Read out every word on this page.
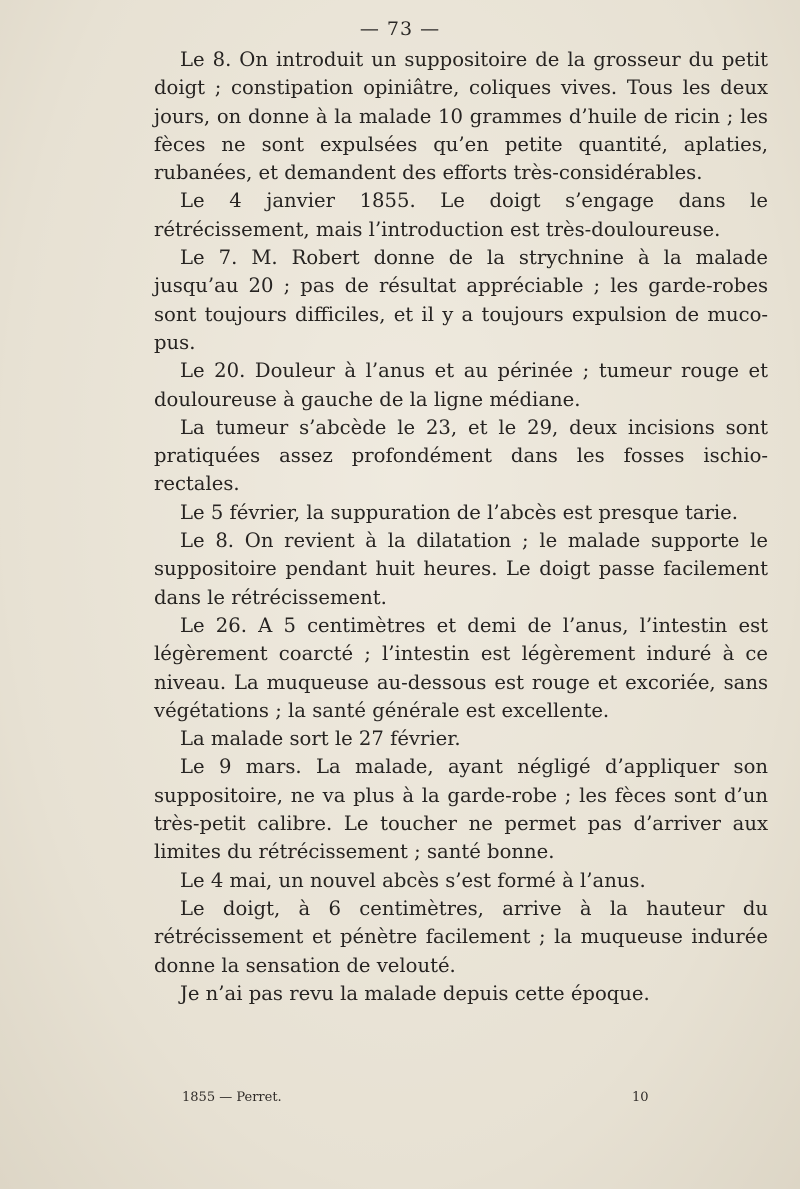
— 73 —

Le 8. On introduit un suppositoire de la grosseur du petit doigt ; constipation opiniâtre, coliques vives. Tous les deux jours, on donne à la malade 10 grammes d’huile de ricin ; les fèces ne sont expulsées qu’en petite quantité, aplaties, rubanées, et demandent des efforts très-considérables.

Le 4 janvier 1855. Le doigt s’engage dans le rétrécissement, mais l’introduction est très-douloureuse.

Le 7. M. Robert donne de la strychnine à la malade jusqu’au 20 ; pas de résultat appréciable ; les garde-robes sont toujours difficiles, et il y a toujours expulsion de muco-pus.

Le 20. Douleur à l’anus et au périnée ; tumeur rouge et douloureuse à gauche de la ligne médiane.

La tumeur s’abcède le 23, et le 29, deux incisions sont pratiquées assez profondément dans les fosses ischio-rectales.

Le 5 février, la suppuration de l’abcès est presque tarie.

Le 8. On revient à la dilatation ; le malade supporte le suppositoire pendant huit heures. Le doigt passe facilement dans le rétrécissement.

Le 26. A 5 centimètres et demi de l’anus, l’intestin est légèrement coarcté ; l’intestin est légèrement induré à ce niveau. La muqueuse au-dessous est rouge et excoriée, sans végétations ; la santé générale est excellente.

La malade sort le 27 février.

Le 9 mars. La malade, ayant négligé d’appliquer son suppositoire, ne va plus à la garde-robe ; les fèces sont d’un très-petit calibre. Le toucher ne permet pas d’arriver aux limites du rétrécissement ; santé bonne.

Le 4 mai, un nouvel abcès s’est formé à l’anus.

Le doigt, à 6 centimètres, arrive à la hauteur du rétrécissement et pénètre facilement ; la muqueuse indurée donne la sensation de velouté.

Je n’ai pas revu la malade depuis cette époque.

1855 — Perret.	10
